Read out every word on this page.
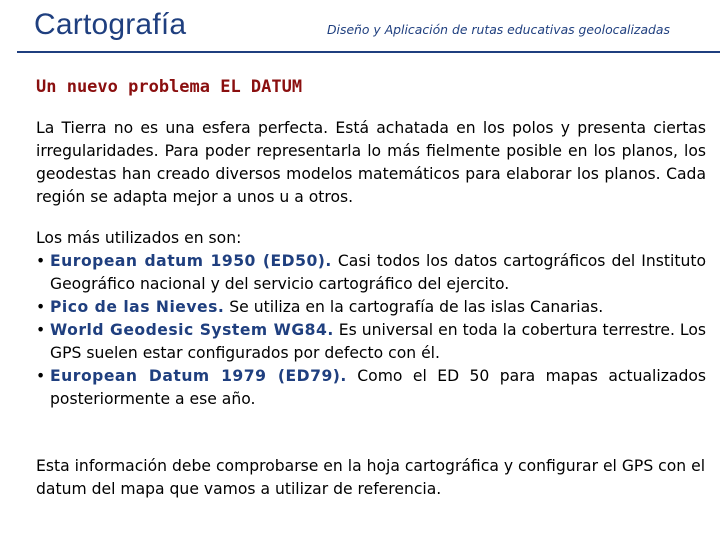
Cartografía	Diseño y Aplicación de rutas educativas geolocalizadas
Un nuevo problema EL DATUM
La Tierra no es una esfera perfecta. Está achatada en los polos y presenta ciertas irregularidades. Para poder representarla lo más fielmente posible en los planos, los geodestas han creado diversos modelos matemáticos para elaborar los planos. Cada región se adapta mejor a unos u a otros.
Los más utilizados en son:
• European datum 1950 (ED50). Casi todos los datos cartográficos del Instituto Geográfico nacional y del servicio cartográfico del ejercito.
• Pico de las Nieves. Se utiliza en la cartografía de las islas Canarias.
• World Geodesic System WG84. Es universal en toda la cobertura terrestre. Los GPS suelen estar configurados por defecto con él.
• European Datum 1979 (ED79). Como el ED 50 para mapas actualizados posteriormente a ese año.
Esta información debe comprobarse en la hoja cartográfica y configurar el GPS con el datum del mapa que vamos a utilizar de referencia.
